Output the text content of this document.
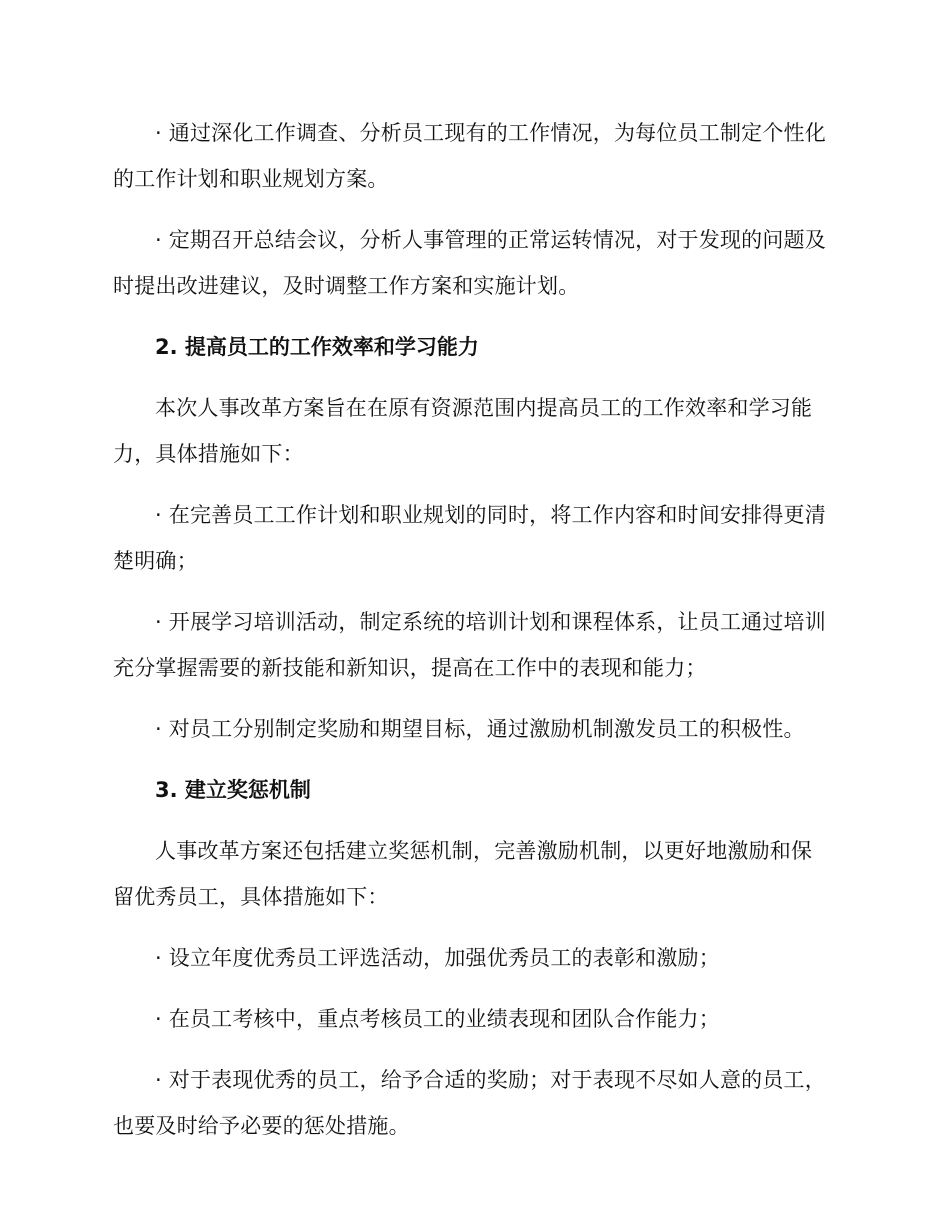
· 通过深化工作调查、分析员工现有的工作情况，为每位员工制定个性化的工作计划和职业规划方案。

· 定期召开总结会议，分析人事管理的正常运转情况，对于发现的问题及时提出改进建议，及时调整工作方案和实施计划。

2. 提高员工的工作效率和学习能力

本次人事改革方案旨在在原有资源范围内提高员工的工作效率和学习能力，具体措施如下：

· 在完善员工工作计划和职业规划的同时，将工作内容和时间安排得更清楚明确；

· 开展学习培训活动，制定系统的培训计划和课程体系，让员工通过培训充分掌握需要的新技能和新知识，提高在工作中的表现和能力；

· 对员工分别制定奖励和期望目标，通过激励机制激发员工的积极性。

3. 建立奖惩机制

人事改革方案还包括建立奖惩机制，完善激励机制，以更好地激励和保留优秀员工，具体措施如下：

· 设立年度优秀员工评选活动，加强优秀员工的表彰和激励；

· 在员工考核中，重点考核员工的业绩表现和团队合作能力；

· 对于表现优秀的员工，给予合适的奖励；对于表现不尽如人意的员工，也要及时给予必要的惩处措施。
